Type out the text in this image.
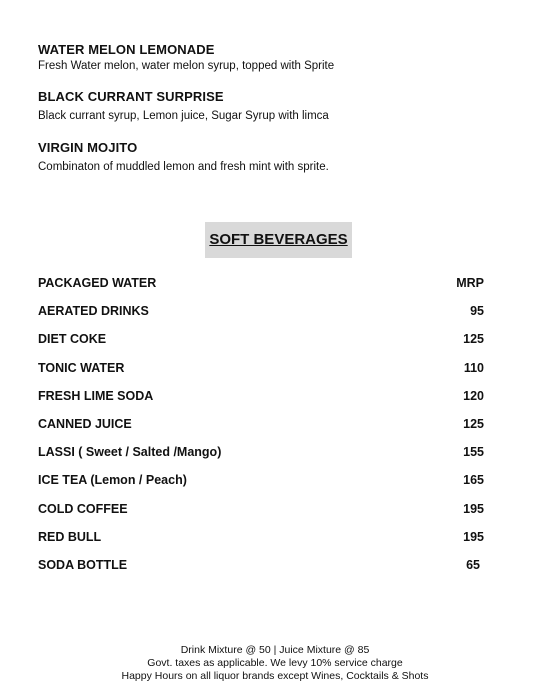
WATER MELON LEMONADE
Fresh Water melon, water melon syrup, topped with Sprite
BLACK CURRANT SURPRISE
Black currant syrup, Lemon juice, Sugar Syrup with limca
VIRGIN MOJITO
Combinaton of muddled lemon and fresh mint with sprite.
SOFT BEVERAGES
PACKAGED WATER	MRP
AERATED DRINKS	95
DIET COKE	125
TONIC WATER	110
FRESH LIME SODA	120
CANNED JUICE	125
LASSI ( Sweet / Salted /Mango)	155
ICE TEA (Lemon / Peach)	165
COLD COFFEE	195
RED BULL	195
SODA BOTTLE	65
Drink Mixture @ 50 | Juice Mixture @ 85
Govt. taxes as applicable. We levy 10% service charge
Happy Hours on all liquor brands except Wines, Cocktails & Shots
